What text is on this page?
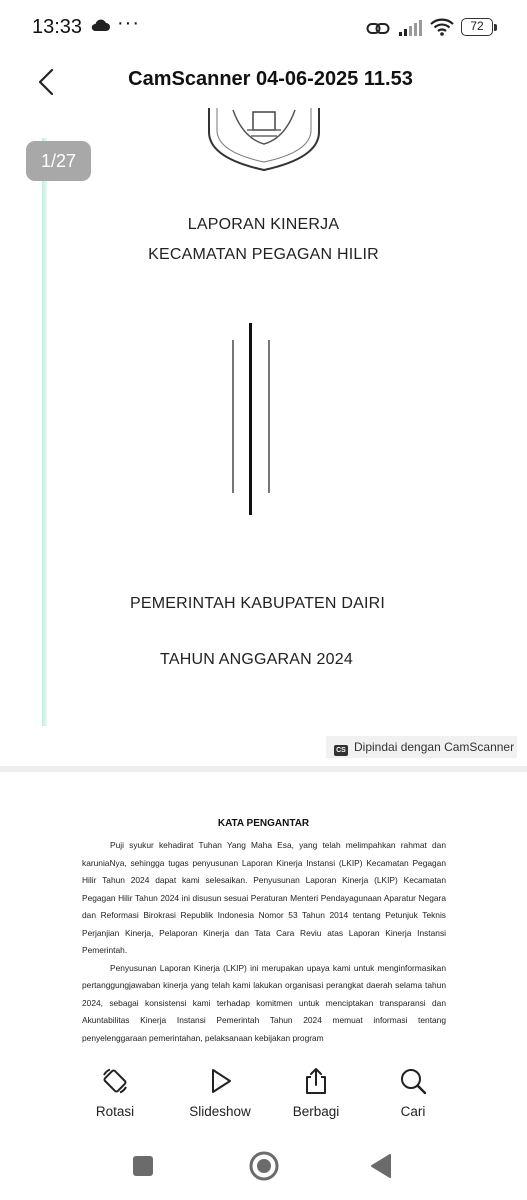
13:33 ···	72
CamScanner 04-06-2025 11.53
1/27
LAPORAN KINERJA
KECAMATAN PEGAGAN HILIR
PEMERINTAH KABUPATEN DAIRI
TAHUN ANGGARAN 2024
CS Dipindai dengan CamScanner
KATA PENGANTAR

Puji syukur kehadirat Tuhan Yang Maha Esa, yang telah melimpahkan rahmat dan karuniaNya, sehingga tugas penyusunan Laporan Kinerja Instansi (LKIP) Kecamatan Pegagan Hilir Tahun 2024 dapat kami selesaikan. Penyusunan Laporan Kinerja (LKIP) Kecamatan Pegagan Hilir Tahun 2024 ini disusun sesuai Peraturan Menteri Pendayagunaan Aparatur Negara dan Reformasi Birokrasi Republik Indonesia Nomor 53 Tahun 2014 tentang Petunjuk Teknis Perjanjian Kinerja, Pelaporan Kinerja dan Tata Cara Reviu atas Laporan Kinerja Instansi Pemerintah.

Penyusunan Laporan Kinerja (LKIP) ini merupakan upaya kami untuk menginformasikan pertanggungjawaban kinerja yang telah kami lakukan organisasi perangkat daerah selama tahun 2024, sebagai konsistensi kami terhadap komitmen untuk menciptakan transparansi dan Akuntabilitas Kinerja Instansi Pemerintah Tahun 2024 memuat informasi tentang penyelenggaraan pemerintahan, pelaksanaan kebijakan program

Rotasi	Slideshow	Berbagi	Cari
